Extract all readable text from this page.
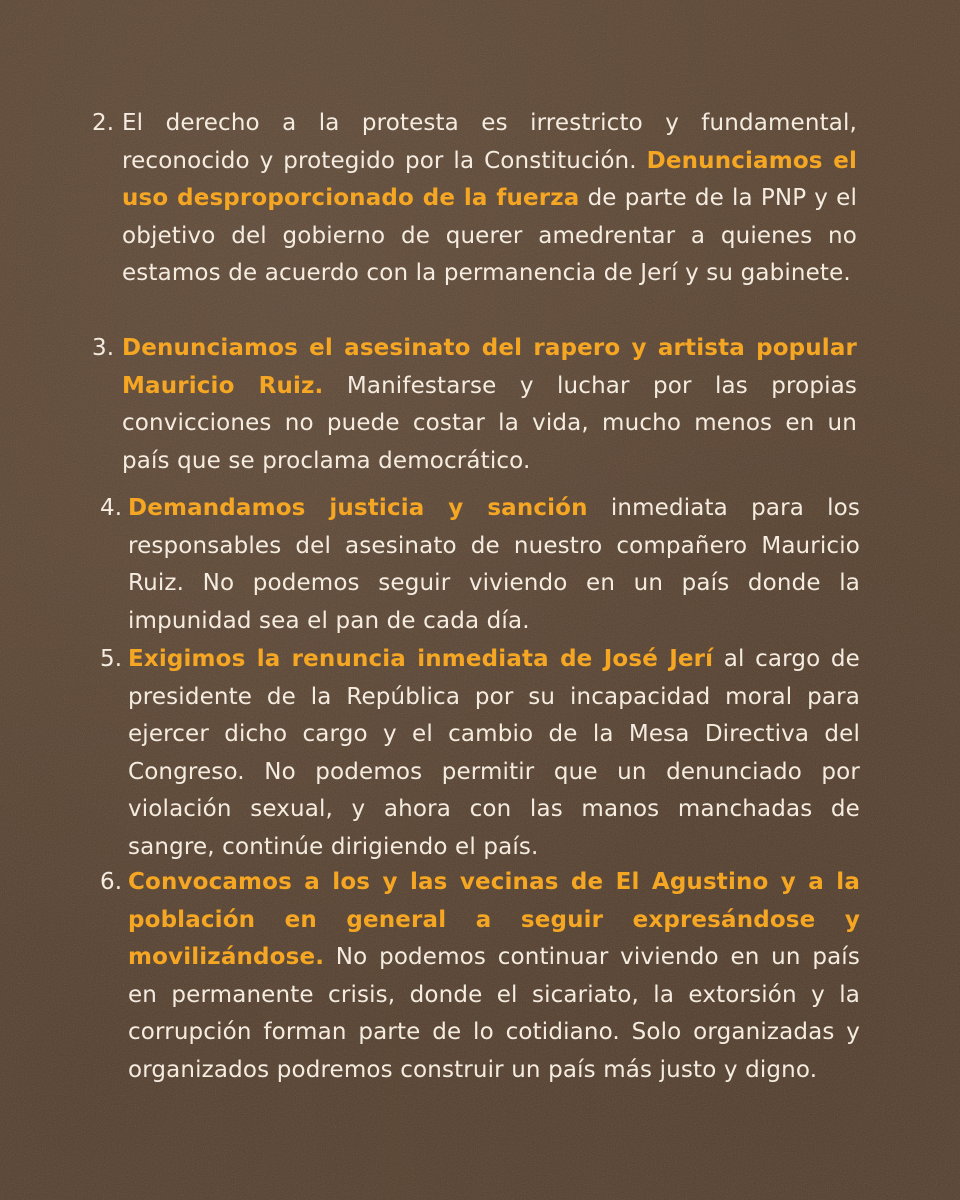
2. El derecho a la protesta es irrestricto y fundamental, reconocido y protegido por la Constitución. Denunciamos el uso desproporcionado de la fuerza de parte de la PNP y el objetivo del gobierno de querer amedrentar a quienes no estamos de acuerdo con la permanencia de Jerí y su gabinete.

3. Denunciamos el asesinato del rapero y artista popular Mauricio Ruiz. Manifestarse y luchar por las propias convicciones no puede costar la vida, mucho menos en un país que se proclama democrático.

4. Demandamos justicia y sanción inmediata para los responsables del asesinato de nuestro compañero Mauricio Ruiz. No podemos seguir viviendo en un país donde la impunidad sea el pan de cada día.

5. Exigimos la renuncia inmediata de José Jerí al cargo de presidente de la República por su incapacidad moral para ejercer dicho cargo y el cambio de la Mesa Directiva del Congreso. No podemos permitir que un denunciado por violación sexual, y ahora con las manos manchadas de sangre, continúe dirigiendo el país.

6. Convocamos a los y las vecinas de El Agustino y a la población en general a seguir expresándose y movilizándose. No podemos continuar viviendo en un país en permanente crisis, donde el sicariato, la extorsión y la corrupción forman parte de lo cotidiano. Solo organizadas y organizados podremos construir un país más justo y digno.
